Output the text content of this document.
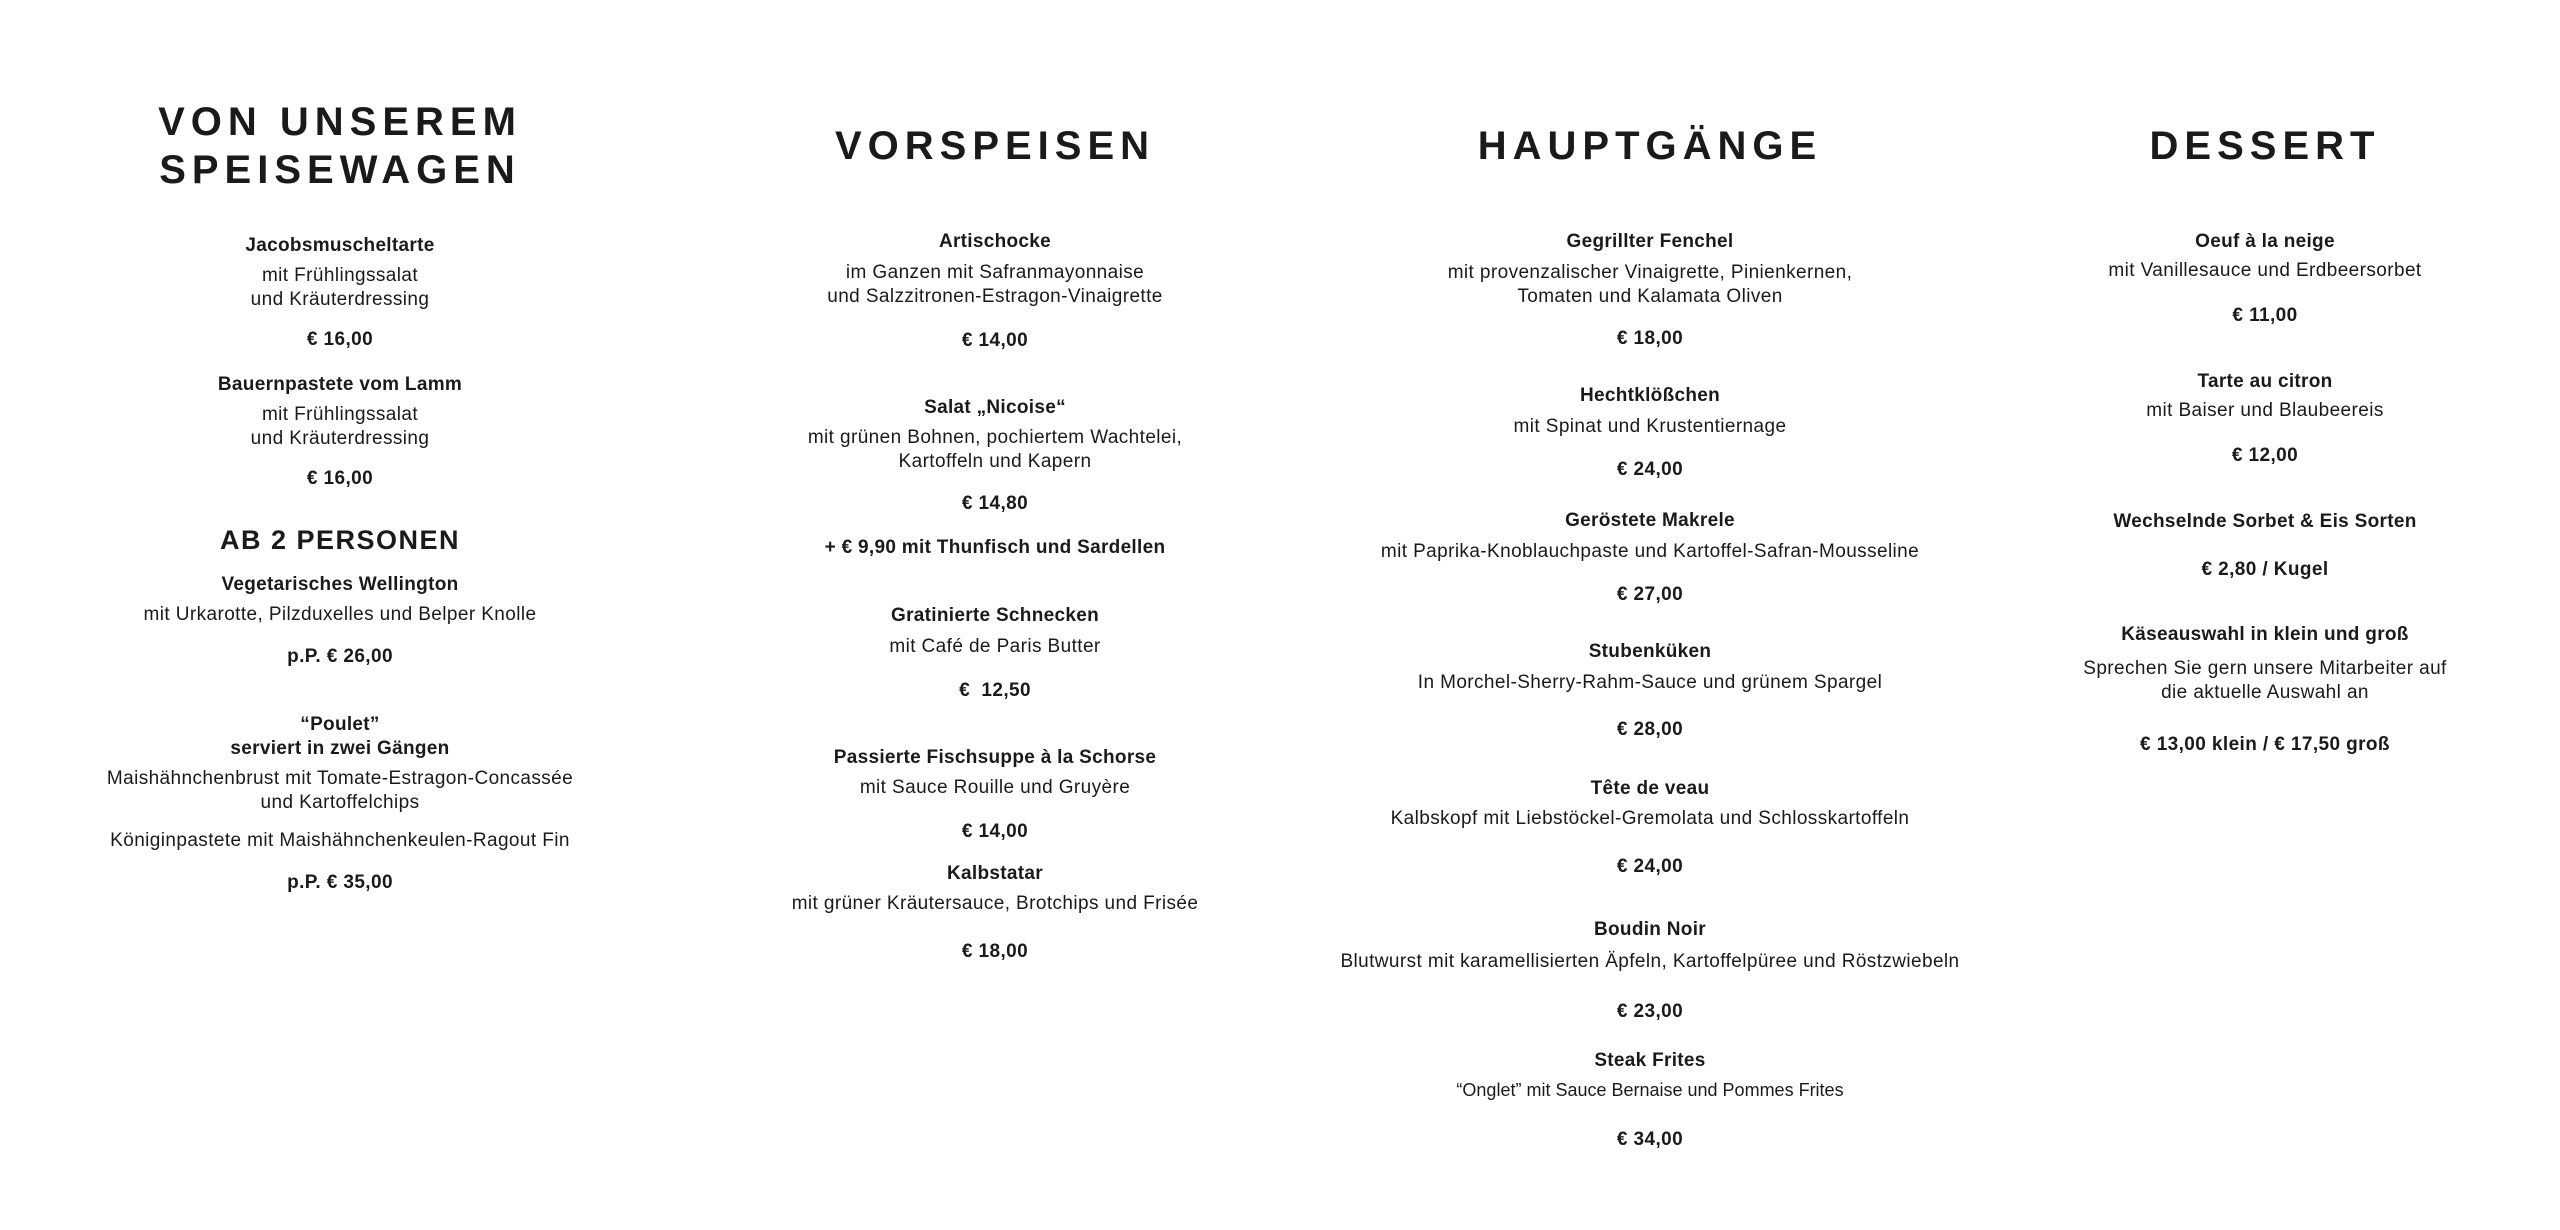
VON UNSEREM
SPEISEWAGEN
Jacobsmuscheltarte
mit Frühlingssalat
und Kräuterdressing
€ 16,00
Bauernpastete vom Lamm
mit Frühlingssalat
und Kräuterdressing
€ 16,00
AB 2 PERSONEN
Vegetarisches Wellington
mit Urkarotte, Pilzduxelles und Belper Knolle
p.P. € 26,00
“Poulet”
serviert in zwei Gängen
Maishähnchenbrust mit Tomate-Estragon-Concassée
und Kartoffelchips
Königinpastete mit Maishähnchenkeulen-Ragout Fin
p.P. € 35,00
VORSPEISEN
Artischocke
im Ganzen mit Safranmayonnaise
und Salzzitronen-Estragon-Vinaigrette
€ 14,00
Salat „Nicoise“
mit grünen Bohnen, pochiertem Wachtelei,
Kartoffeln und Kapern
€ 14,80
+ € 9,90 mit Thunfisch und Sardellen
Gratinierte Schnecken
mit Café de Paris Butter
€  12,50
Passierte Fischsuppe à la Schorse
mit Sauce Rouille und Gruyère
€ 14,00
Kalbstatar
mit grüner Kräutersauce, Brotchips und Frisée
€ 18,00
HAUPTGÄNGE
Gegrillter Fenchel
mit provenzalischer Vinaigrette, Pinienkernen,
Tomaten und Kalamata Oliven
€ 18,00
Hechtklößchen
mit Spinat und Krustentiernage
€ 24,00
Geröstete Makrele
mit Paprika-Knoblauchpaste und Kartoffel-Safran-Mousseline
€ 27,00
Stubenküken
In Morchel-Sherry-Rahm-Sauce und grünem Spargel
€ 28,00
Tête de veau
Kalbskopf mit Liebstöckel-Gremolata und Schlosskartoffeln
€ 24,00
Boudin Noir
Blutwurst mit karamellisierten Äpfeln, Kartoffelpüree und Röstzwiebeln
€ 23,00
Steak Frites
“Onglet” mit Sauce Bernaise und Pommes Frites
€ 34,00
DESSERT
Oeuf à la neige
mit Vanillesauce und Erdbeersorbet
€ 11,00
Tarte au citron
mit Baiser und Blaubeereis
€ 12,00
Wechselnde Sorbet & Eis Sorten
€ 2,80 / Kugel
Käseauswahl in klein und groß
Sprechen Sie gern unsere Mitarbeiter auf
die aktuelle Auswahl an
€ 13,00 klein / € 17,50 groß
